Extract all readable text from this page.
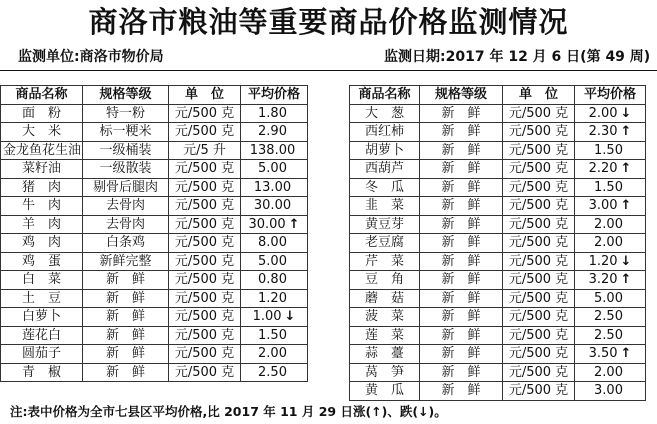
商洛市粮油等重要商品价格监测情况
监测单位:商洛市物价局	监测日期:2017 年 12 月 6 日(第 49 周)
商品名称	规格等级	单　位	平均价格
面　粉	特一粉	元/500 克	1.80
大　米	标一粳米	元/500 克	2.90
金龙鱼花生油	一级桶装	元/5 升	138.00
菜籽油	一级散装	元/500 克	5.00
猪　肉	剔骨后腿肉	元/500 克	13.00
牛　肉	去骨肉	元/500 克	30.00
羊　肉	去骨肉	元/500 克	30.00 ↑
鸡　肉	白条鸡	元/500 克	8.00
鸡　蛋	新鲜完整	元/500 克	5.00
白　菜	新　鲜	元/500 克	0.80
土　豆	新　鲜	元/500 克	1.20
白萝卜	新　鲜	元/500 克	1.00 ↓
莲花白	新　鲜	元/500 克	1.50
圆茄子	新　鲜	元/500 克	2.00
青　椒	新　鲜	元/500 克	2.50
商品名称	规格等级	单　位	平均价格
大　葱	新　鲜	元/500 克	2.00 ↓
西红柿	新　鲜	元/500 克	2.30 ↑
胡萝卜	新　鲜	元/500 克	1.50
西葫芦	新　鲜	元/500 克	2.20 ↑
冬　瓜	新　鲜	元/500 克	1.50
韭　菜	新　鲜	元/500 克	3.00 ↑
黄豆芽	新　鲜	元/500 克	2.00
老豆腐	新　鲜	元/500 克	2.00
芹　菜	新　鲜	元/500 克	1.20 ↓
豆　角	新　鲜	元/500 克	3.20 ↑
蘑　菇	新　鲜	元/500 克	5.00
菠　菜	新　鲜	元/500 克	2.50
莲　菜	新　鲜	元/500 克	2.50
蒜　薹	新　鲜	元/500 克	3.50 ↑
莴　笋	新　鲜	元/500 克	2.00
黄　瓜	新　鲜	元/500 克	3.00
注:表中价格为全市七县区平均价格,比 2017 年 11 月 29 日涨(↑)、跌(↓)。
